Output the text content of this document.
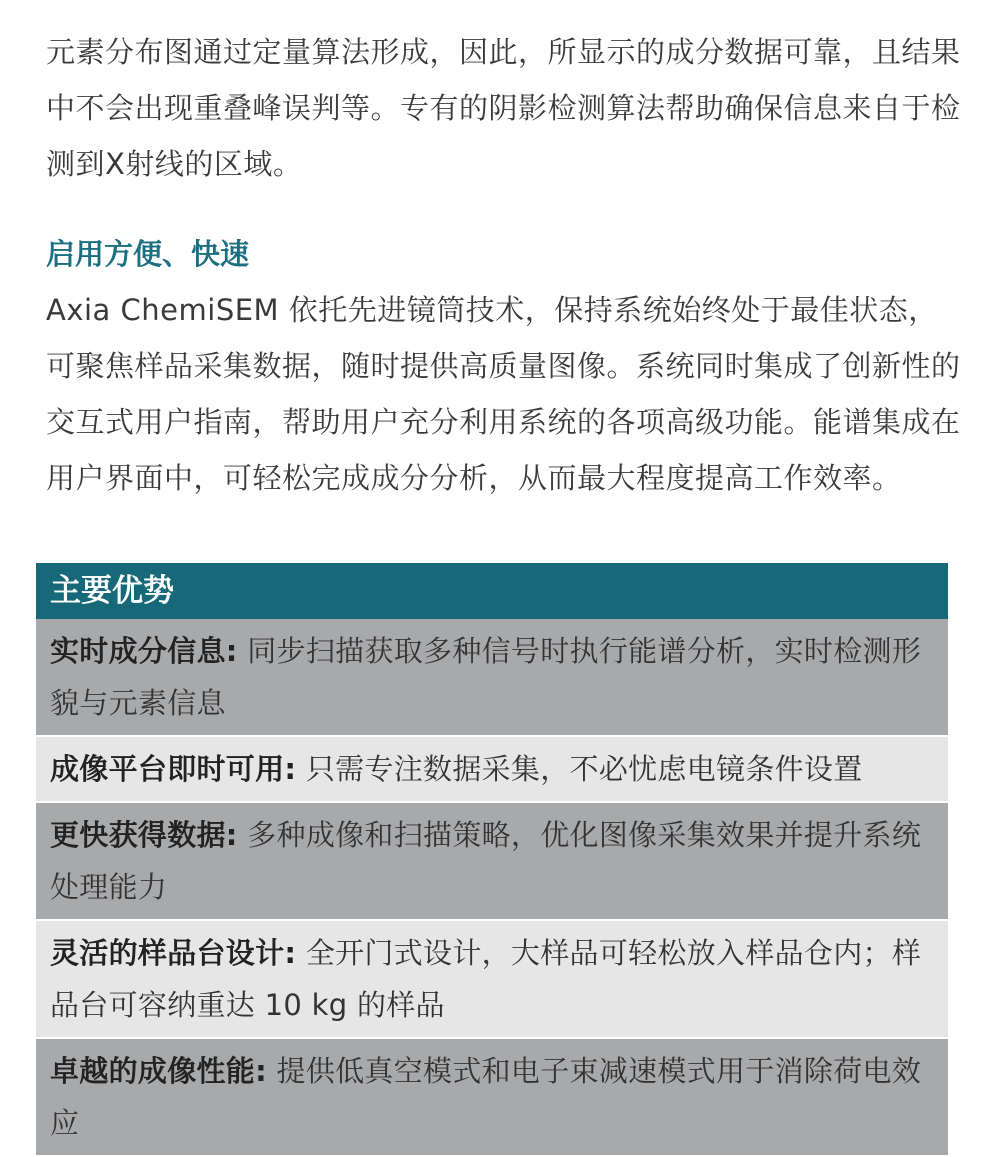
元素分布图通过定量算法形成，因此，所显示的成分数据可靠，且结果中不会出现重叠峰误判等。专有的阴影检测算法帮助确保信息来自于检测到X射线的区域。

启用方便、快速

Axia ChemiSEM 依托先进镜筒技术，保持系统始终处于最佳状态，可聚焦样品采集数据，随时提供高质量图像。系统同时集成了创新性的交互式用户指南，帮助用户充分利用系统的各项高级功能。能谱集成在用户界面中，可轻松完成成分分析，从而最大程度提高工作效率。

主要优势
实时成分信息: 同步扫描获取多种信号时执行能谱分析，实时检测形貌与元素信息
成像平台即时可用: 只需专注数据采集，不必忧虑电镜条件设置
更快获得数据: 多种成像和扫描策略，优化图像采集效果并提升系统处理能力
灵活的样品台设计: 全开门式设计，大样品可轻松放入样品仓内；样品台可容纳重达 10 kg 的样品
卓越的成像性能: 提供低真空模式和电子束减速模式用于消除荷电效应
